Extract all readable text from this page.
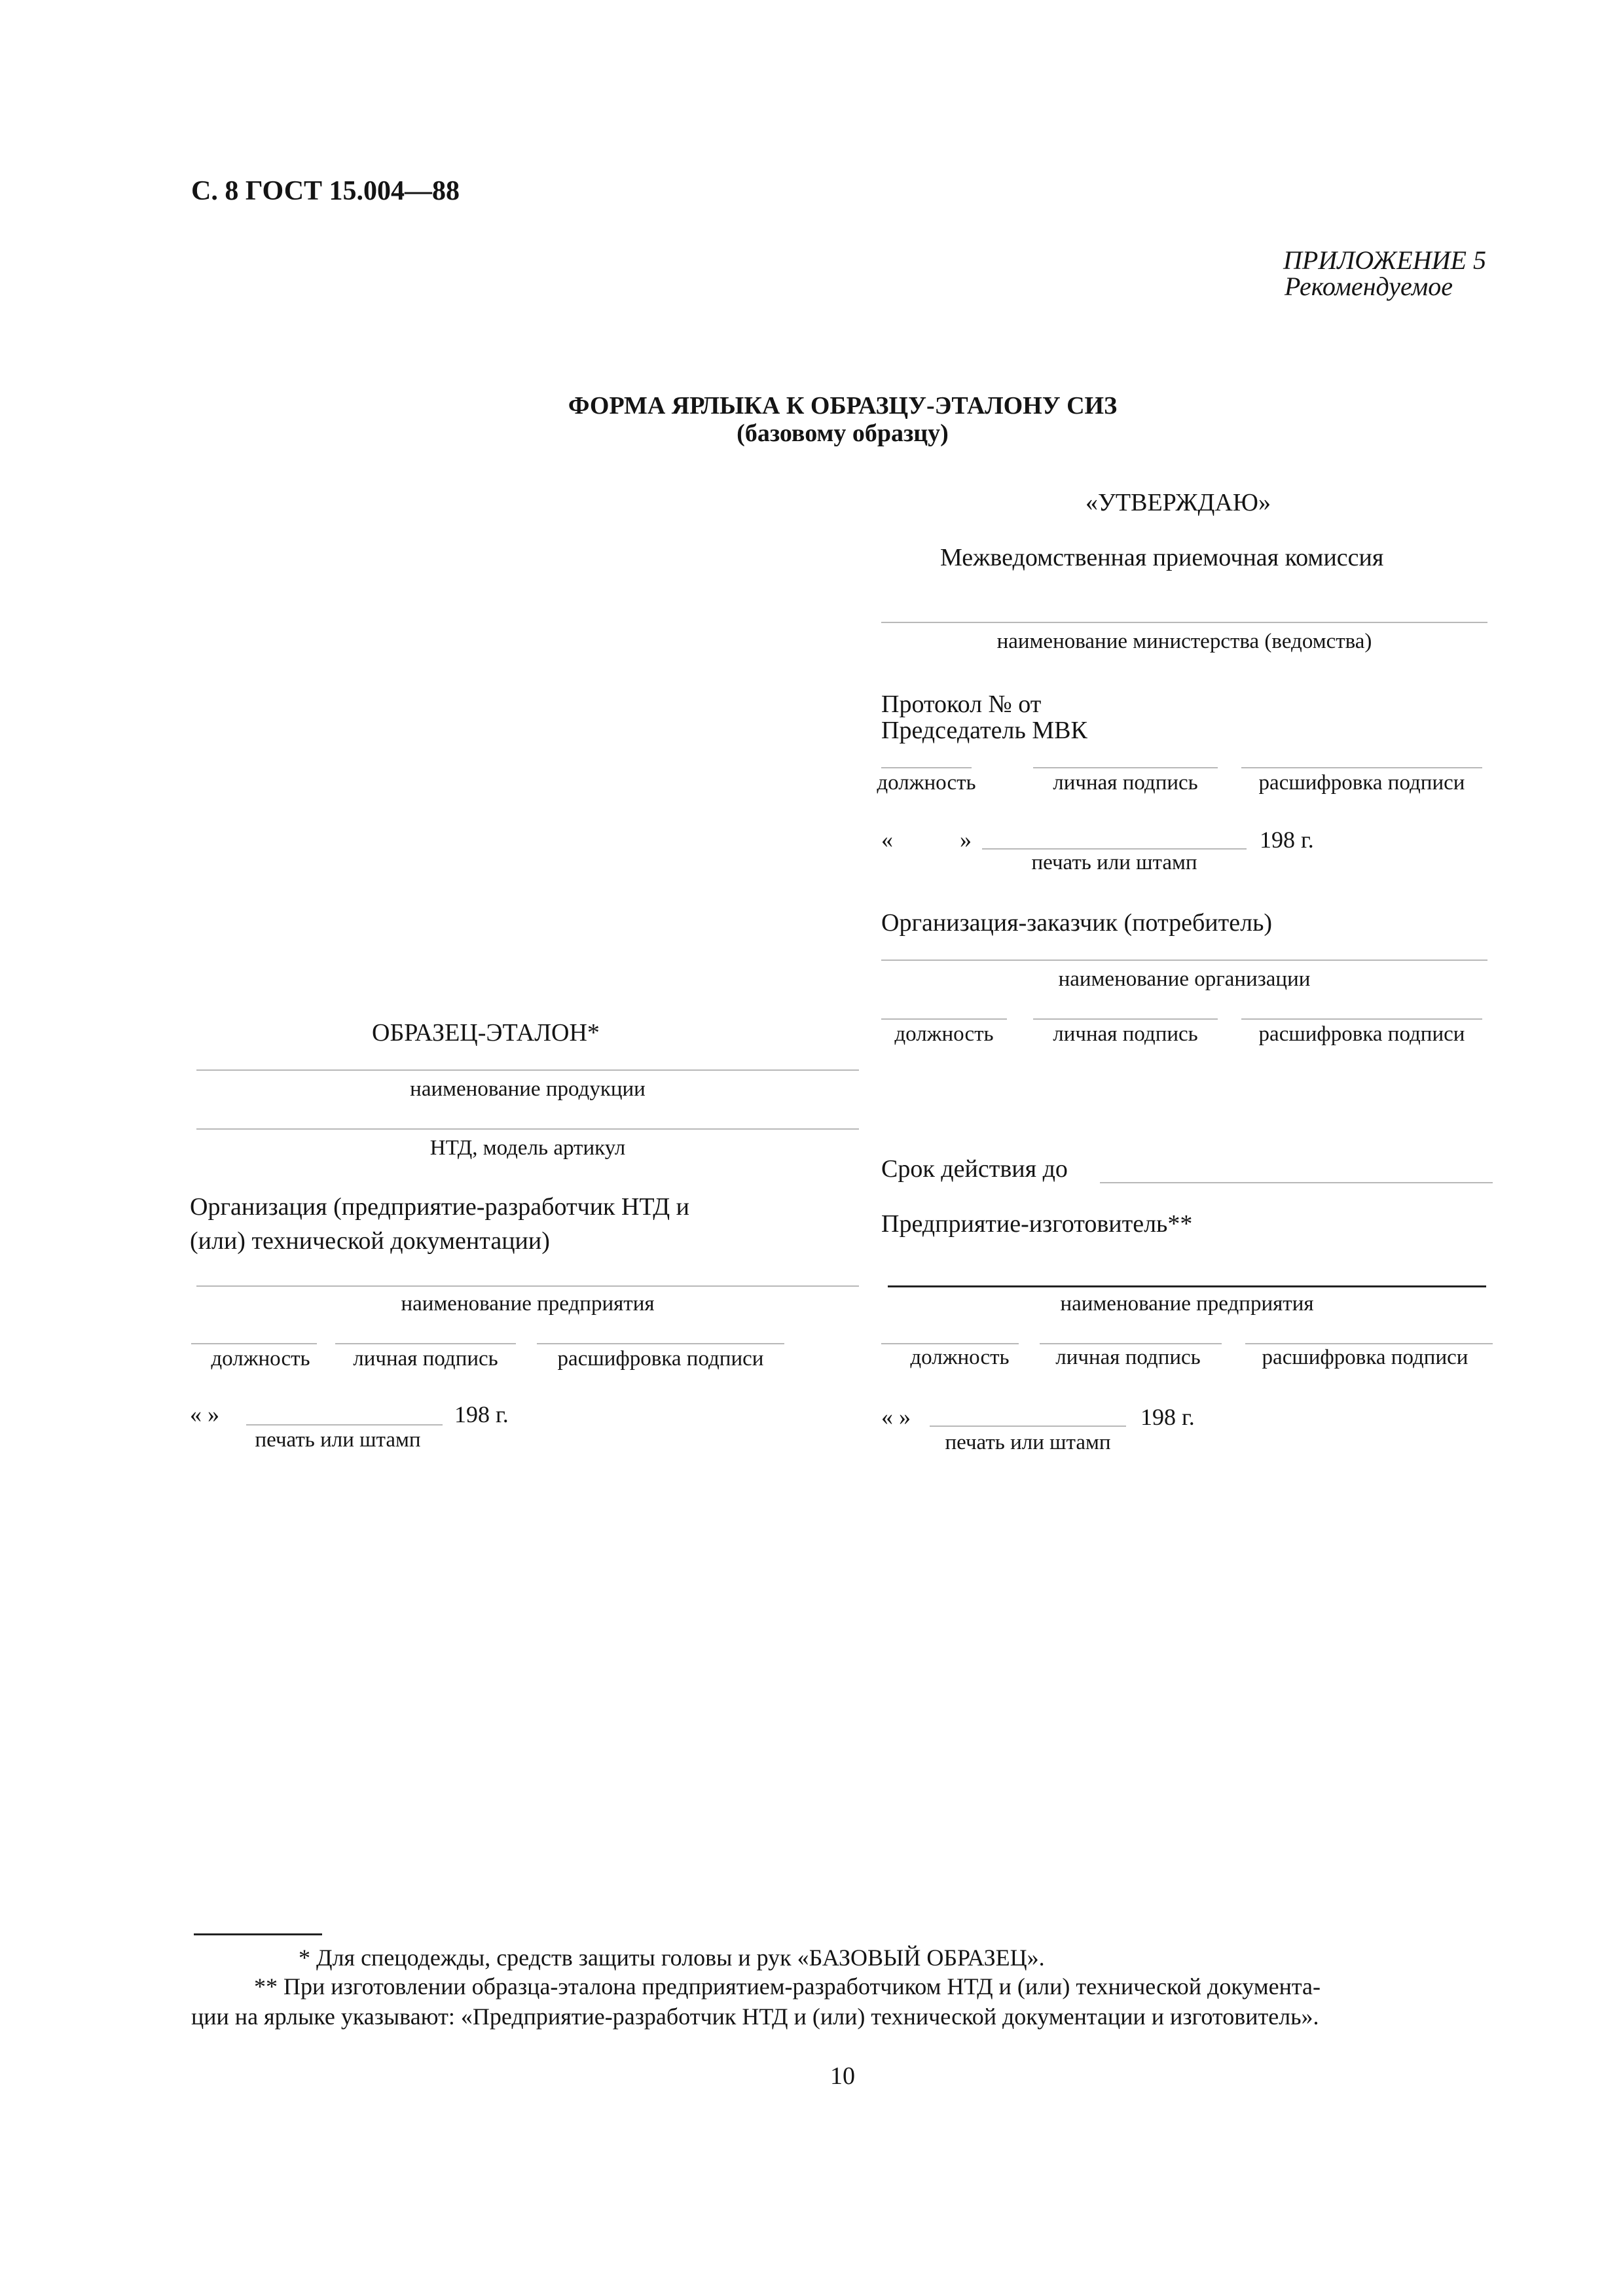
С. 8 ГОСТ 15.004—88
ПРИЛОЖЕНИЕ 5
Рекомендуемое
ФОРМА ЯРЛЫКА К ОБРАЗЦУ-ЭТАЛОНУ СИЗ
(базовому образцу)
«УТВЕРЖДАЮ»
Межведомственная приемочная комиссия
наименование министерства (ведомства)
Протокол № от
Председатель МВК
должность	личная подпись	расшифровка подписи
«	»	198 г.
печать или штамп
Организация-заказчик (потребитель)
наименование организации
должность	личная подпись	расшифровка подписи
Срок действия до
Предприятие-изготовитель**
наименование предприятия
должность	личная подпись	расшифровка подписи
« »	198 г.
печать или штамп
ОБРАЗЕЦ-ЭТАЛОН*
наименование продукции
НТД, модель артикул
Организация (предприятие-разработчик НТД и
(или) технической документации)
наименование предприятия
должность	личная подпись	расшифровка подписи
« »	198 г.
печать или штамп
* Для спецодежды, средств защиты головы и рук «БАЗОВЫЙ ОБРАЗЕЦ».
** При изготовлении образца-эталона предприятием-разработчиком НТД и (или) технической документа-
ции на ярлыке указывают: «Предприятие-разработчик НТД и (или) технической документации и изготовитель».
10
